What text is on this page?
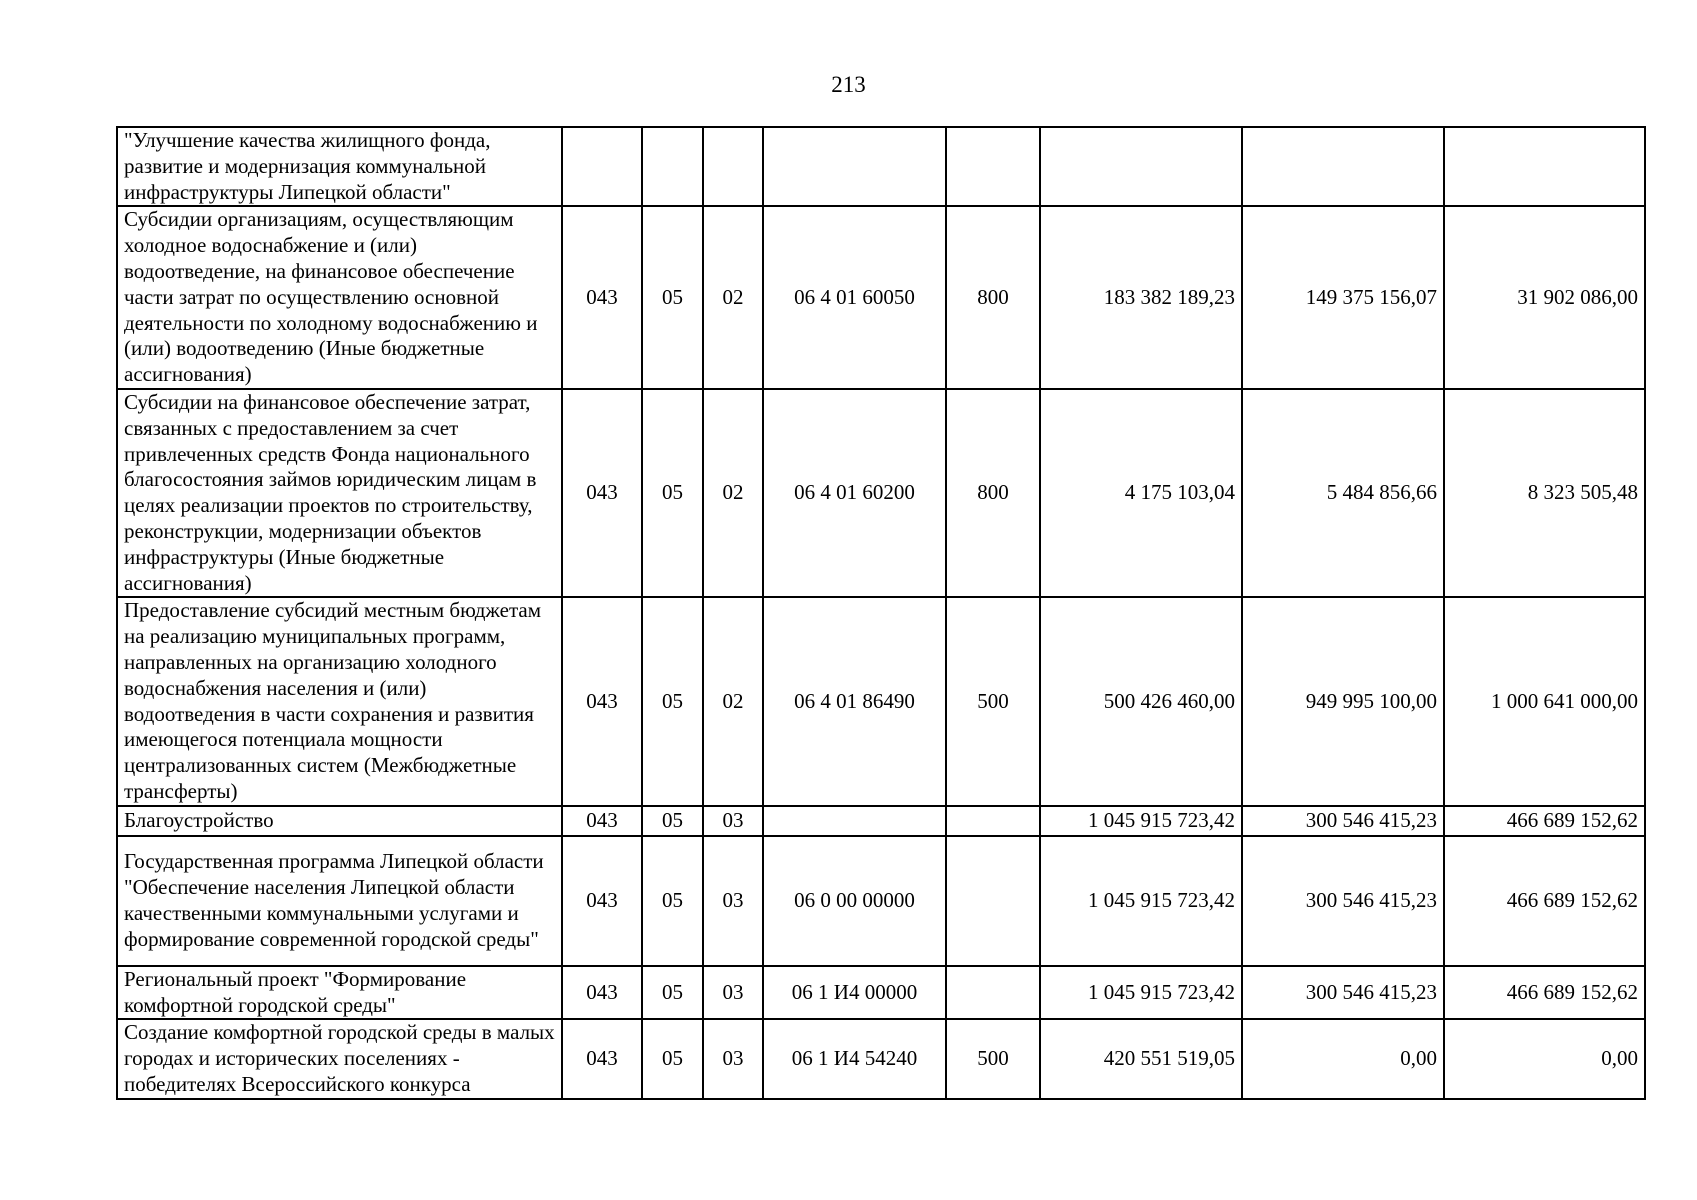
213
"Улучшение качества жилищного фонда, развитие и модернизация коммунальной инфраструктуры Липецкой области"								
Субсидии организациям, осуществляющим холодное водоснабжение и (или) водоотведение, на финансовое обеспечение части затрат по осуществлению основной деятельности по холодному водоснабжению и (или) водоотведению (Иные бюджетные ассигнования)	043	05	02	06 4 01 60050	800	183 382 189,23	149 375 156,07	31 902 086,00
Субсидии на финансовое обеспечение затрат, связанных с предоставлением за счет привлеченных средств Фонда национального благосостояния займов юридическим лицам в целях реализации проектов по строительству, реконструкции, модернизации объектов инфраструктуры (Иные бюджетные ассигнования)	043	05	02	06 4 01 60200	800	4 175 103,04	5 484 856,66	8 323 505,48
Предоставление субсидий местным бюджетам на реализацию муниципальных программ, направленных на организацию холодного водоснабжения населения и (или) водоотведения в части сохранения и развития имеющегося потенциала мощности централизованных систем (Межбюджетные трансферты)	043	05	02	06 4 01 86490	500	500 426 460,00	949 995 100,00	1 000 641 000,00
Благоустройство	043	05	03			1 045 915 723,42	300 546 415,23	466 689 152,62
Государственная программа Липецкой области "Обеспечение населения Липецкой области качественными коммунальными услугами и формирование современной городской среды"	043	05	03	06 0 00 00000		1 045 915 723,42	300 546 415,23	466 689 152,62
Региональный проект "Формирование комфортной городской среды"	043	05	03	06 1 И4 00000		1 045 915 723,42	300 546 415,23	466 689 152,62
Создание комфортной городской среды в малых городах и исторических поселениях - победителях Всероссийского конкурса	043	05	03	06 1 И4 54240	500	420 551 519,05	0,00	0,00
